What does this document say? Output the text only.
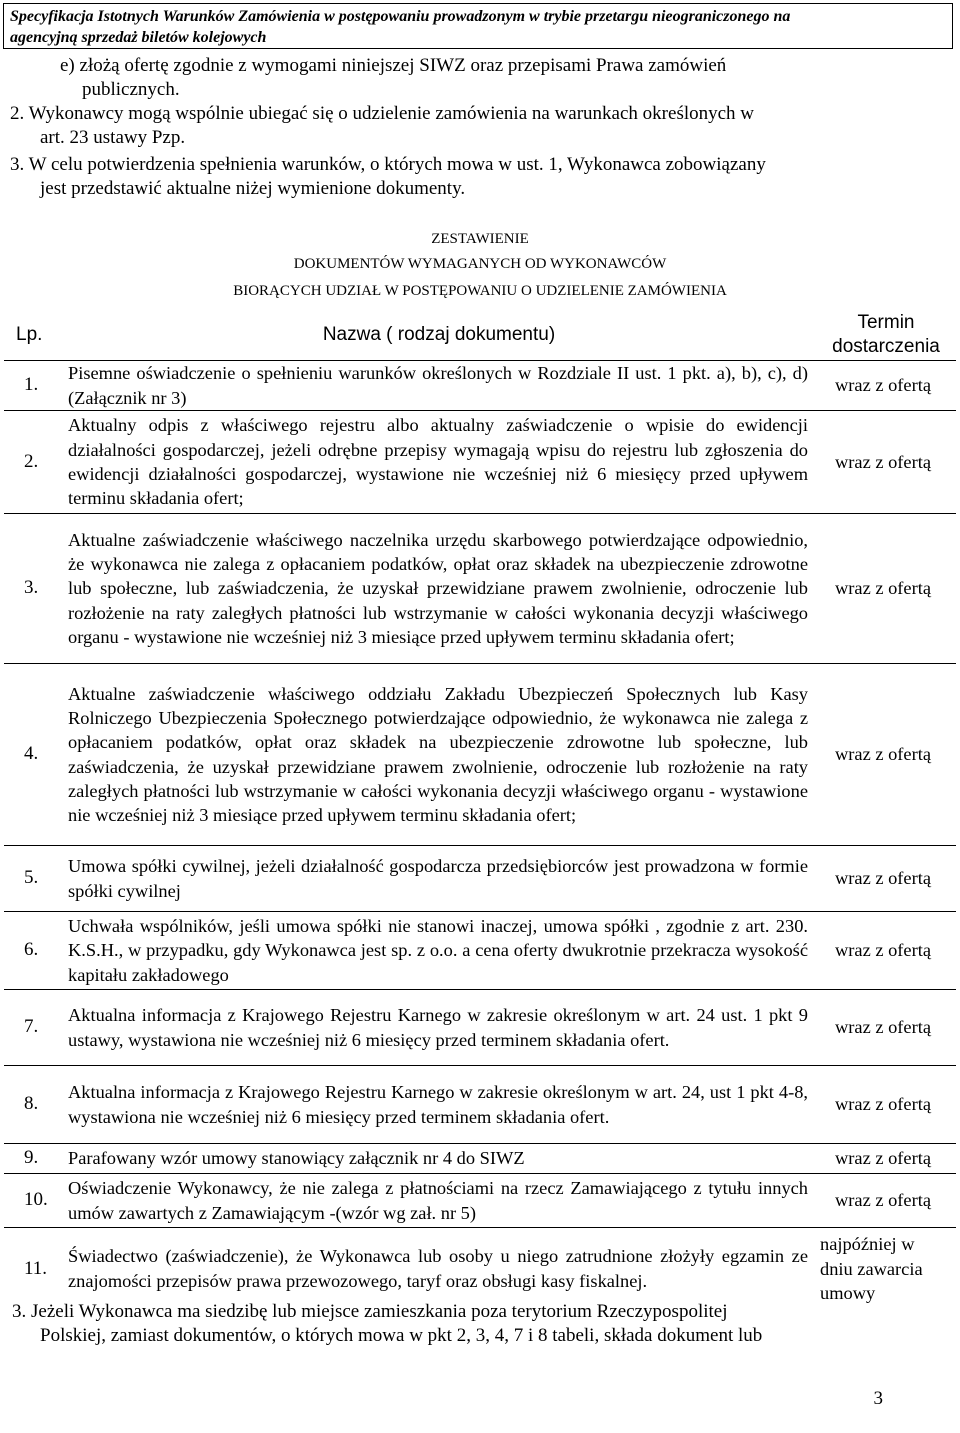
Specyfikacja Istotnych Warunków Zamówienia w postępowaniu prowadzonym w trybie przetargu nieograniczonego na
agencyjną sprzedaż biletów kolejowych
e) złożą ofertę zgodnie z wymogami niniejszej SIWZ oraz przepisami Prawa zamówień
publicznych.
2. Wykonawcy mogą wspólnie ubiegać się o udzielenie zamówienia na warunkach określonych w
art. 23 ustawy Pzp.
3. W celu potwierdzenia spełnienia warunków, o których mowa w ust. 1, Wykonawca zobowiązany
jest przedstawić aktualne niżej wymienione dokumenty.
ZESTAWIENIE
DOKUMENTÓW WYMAGANYCH OD WYKONAWCÓW
BIORĄCYCH UDZIAŁ W POSTĘPOWANIU O UDZIELENIE ZAMÓWIENIA
Lp.	Nazwa ( rodzaj dokumentu)	Termin
dostarczenia

1.	Pisemne oświadczenie o spełnieniu warunków określonych w Rozdziale II ust. 1 pkt. a), b), c), d) (Załącznik nr 3)	wraz z ofertą
2.	Aktualny odpis z właściwego rejestru albo aktualny zaświadczenie o wpisie do ewidencji działalności gospodarczej, jeżeli odrębne przepisy wymagają wpisu do rejestru lub zgłoszenia do ewidencji działalności gospodarczej, wystawione nie wcześniej niż 6 miesięcy przed upływem terminu składania ofert;	wraz z ofertą
3.	Aktualne zaświadczenie właściwego naczelnika urzędu skarbowego potwierdzające odpowiednio, że wykonawca nie zalega z opłacaniem podatków, opłat oraz składek na ubezpieczenie zdrowotne lub społeczne, lub zaświadczenia, że uzyskał przewidziane prawem zwolnienie, odroczenie lub rozłożenie na raty zaległych płatności lub wstrzymanie w całości wykonania decyzji właściwego organu - wystawione nie wcześniej niż 3 miesiące przed upływem terminu składania ofert;	wraz z ofertą
4.	Aktualne zaświadczenie właściwego oddziału Zakładu Ubezpieczeń Społecznych lub Kasy Rolniczego Ubezpieczenia Społecznego potwierdzające odpowiednio, że wykonawca nie zalega z opłacaniem podatków, opłat oraz składek na ubezpieczenie zdrowotne lub społeczne, lub zaświadczenia, że uzyskał przewidziane prawem zwolnienie, odroczenie lub rozłożenie na raty zaległych płatności lub wstrzymanie w całości wykonania decyzji właściwego organu - wystawione nie wcześniej niż 3 miesiące przed upływem terminu składania ofert;	wraz z ofertą
5.	Umowa spółki cywilnej, jeżeli działalność gospodarcza przedsiębiorców jest prowadzona w formie spółki cywilnej	wraz z ofertą
6.	Uchwała wspólników, jeśli umowa spółki nie stanowi inaczej, umowa spółki , zgodnie z art. 230. K.S.H., w przypadku, gdy Wykonawca jest sp. z o.o. a cena oferty dwukrotnie przekracza wysokość kapitału zakładowego	wraz z ofertą
7.	Aktualna informacja z Krajowego Rejestru Karnego w zakresie określonym w art. 24 ust. 1 pkt 9 ustawy, wystawiona nie wcześniej niż 6 miesięcy przed terminem składania ofert.	wraz z ofertą
8.	Aktualna informacja z Krajowego Rejestru Karnego w zakresie określonym w art. 24, ust 1 pkt 4-8, wystawiona nie wcześniej niż 6 miesięcy przed terminem składania ofert.	wraz z ofertą
9.	Parafowany wzór umowy stanowiący załącznik nr 4 do SIWZ	wraz z ofertą
10.	Oświadczenie Wykonawcy, że nie zalega z płatnościami na rzecz Zamawiającego z tytułu innych umów zawartych z Zamawiającym -(wzór wg zał. nr 5)	wraz z ofertą
11.	Świadectwo (zaświadczenie), że Wykonawca lub osoby u niego zatrudnione złożyły egzamin ze znajomości przepisów prawa przewozowego, taryf oraz obsługi kasy fiskalnej.	najpóźniej w dniu zawarcia umowy
3. Jeżeli Wykonawca ma siedzibę lub miejsce zamieszkania poza terytorium Rzeczypospolitej
Polskiej, zamiast dokumentów, o których mowa w pkt 2, 3, 4, 7 i 8 tabeli, składa dokument lub
3
